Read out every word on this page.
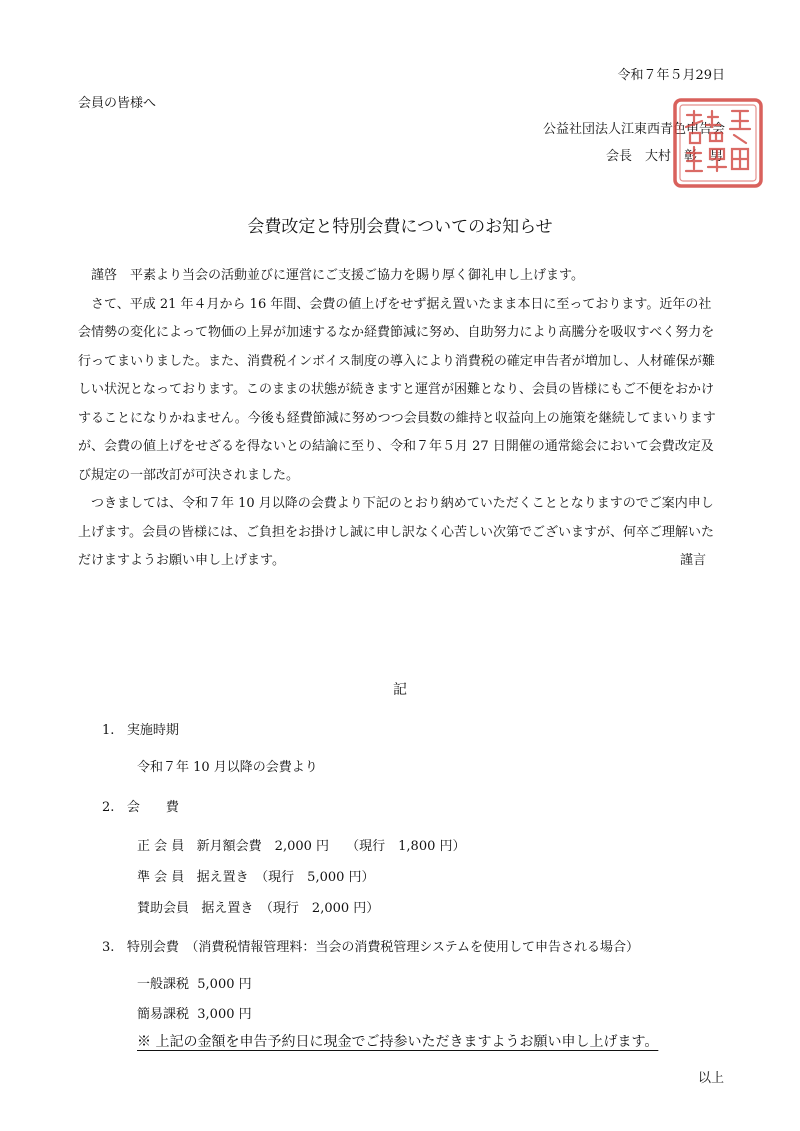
令和７年５月29日
会員の皆様へ
公益社団法人江東西青色申告会
会長　大村　彰　男
会費改定と特別会費についてのお知らせ

謹啓　平素より当会の活動並びに運営にご支援ご協力を賜り厚く御礼申し上げます。

さて、平成 21 年４月から 16 年間、会費の値上げをせず据え置いたまま本日に至っております。近年の社会情勢の変化によって物価の上昇が加速するなか経費節減に努め、自助努力により高騰分を吸収すべく努力を行ってまいりました。また、消費税インボイス制度の導入により消費税の確定申告者が増加し、人材確保が難しい状況となっております。このままの状態が続きますと運営が困難となり、会員の皆様にもご不便をおかけすることになりかねません。今後も経費節減に努めつつ会員数の維持と収益向上の施策を継続してまいりますが、会費の値上げをせざるを得ないとの結論に至り、令和７年５月 27 日開催の通常総会において会費改定及び規定の一部改訂が可決されました。

つきましては、令和７年 10 月以降の会費より下記のとおり納めていただくこととなりますのでご案内申し上げます。会員の皆様には、ご負担をお掛けし誠に申し訳なく心苦しい次第でございますが、何卒ご理解いただけますようお願い申し上げます。	謹言

記
1. 実施時期
令和７年 10 月以降の会費より
2. 会　　費
正 会 員 新月額会費　2,000 円　 （現行　1,800 円）
準 会 員 据え置き　（現行　5,000 円）
賛助会員 据え置き　（現行　2,000 円）
3. 特別会費　（消費税情報管理料：当会の消費税管理システムを使用して申告される場合）
一般課税 5,000 円
簡易課税 3,000 円
※ 上記の金額を申告予約日に現金でご持参いただきますようお願い申し上げます。
以上
